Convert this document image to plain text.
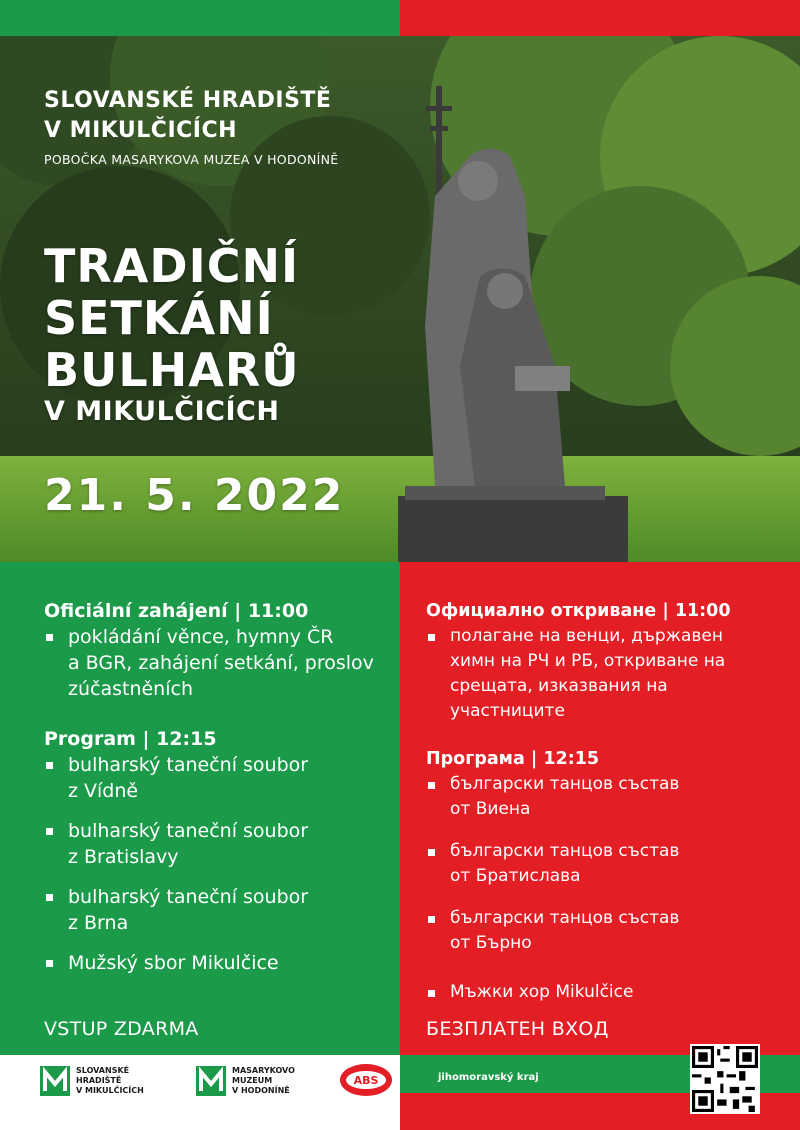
SLOVANSKÉ HRADIŠTĚ
V MIKULČICÍCH
POBOČKA MASARYKOVA MUZEA V HODONÍNĚ
TRADIČNÍ
SETKÁNÍ
BULHARŮ
V MIKULČICÍCH
21. 5. 2022

Oficiální zahájení | 11:00

pokládání věnce, hymny ČR
a BGR, zahájení setkání, proslov
zúčastněních

Program | 12:15

bulharský taneční soubor
z Vídně
bulharský taneční soubor
z Bratislavy
bulharský taneční soubor
z Brna
Mužský sbor Mikulčice
VSTUP ZDARMA

Официално откриване | 11:00

полагане на венци, държавен
химн на РЧ и РБ, откриване на
срещата, изказвания на
участниците

Програма | 12:15

български танцов състав
от Виена
български танцов състав
от Братислава
български танцов състав
от Бърно
Мъжки хор Mikulčice
БЕЗПЛАТЕН ВХОД
SLOVANSKÉ
HRADIŠTĚ
V MIKULČICÍCH
MASARYKOVO
MUZEUM
V HODONÍNĚ
ABS	jihomoravský kraj
